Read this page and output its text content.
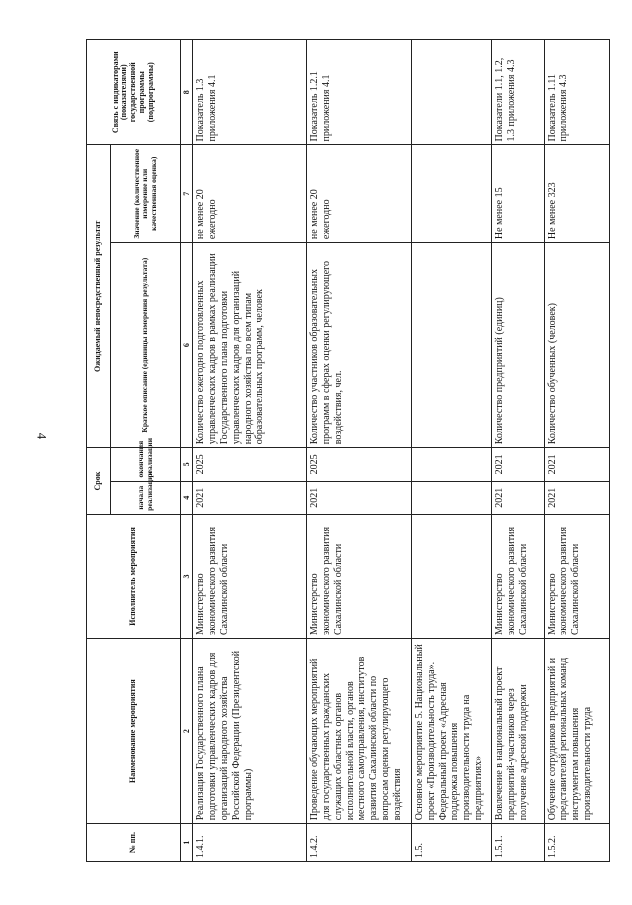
4
№ пп.	Наименование мероприятия	Исполнитель мероприятия	Срок		Ожидаемый непосредственный результат		Связь с индикаторами (показателями) государственной программы (подпрограммы)
			начала реализации	окончания реализации	Краткое описание (единицы измерения результата)	Значение (количественное измерение или качественная оценка)	
1	2	3	4	5	6	7	8
1.4.1.	Реализация Государственного плана подготовки управленческих кадров для организаций народного хозяйства Российской Федерации (Президентской программы)	Министерство экономического развития Сахалинской области	2021	2025	Количество ежегодно подготовленных управленческих кадров в рамках реализации Государственного плана подготовки управленческих кадров для организаций народного хозяйства по всем типам образовательных программ, человек	не менее 20 ежегодно	Показатель 1.3 приложения 4.1
1.4.2.	Проведение обучающих мероприятий для государственных гражданских служащих областных органов исполнительной власти, органов местного самоуправления, институтов развития Сахалинской области по вопросам оценки регулирующего воздействия	Министерство экономического развития Сахалинской области	2021	2025	Количество участников образовательных программ в сферах оценки регулирующего воздействия, чел.	не менее 20 ежегодно	Показатель 1.2.1 приложения 4.1
1.5.	Основное мероприятие 5. Национальный проект «Производительность труда». Федеральный проект «Адресная поддержка повышения производительности труда на предприятиях»						
1.5.1.	Вовлечение в национальный проект предприятий-участников через получение адресной поддержки	Министерство экономического развития Сахалинской области	2021	2021	Количество предприятий (единиц)	Не менее 15	Показатели 1.1, 1.2, 1.3 приложения 4.3
1.5.2.	Обучение сотрудников предприятий и представителей региональных команд инструментам повышения производительности труда	Министерство экономического развития Сахалинской области	2021	2021	Количество обученных (человек)	Не менее 323	Показатель 1.11 приложения 4.3
